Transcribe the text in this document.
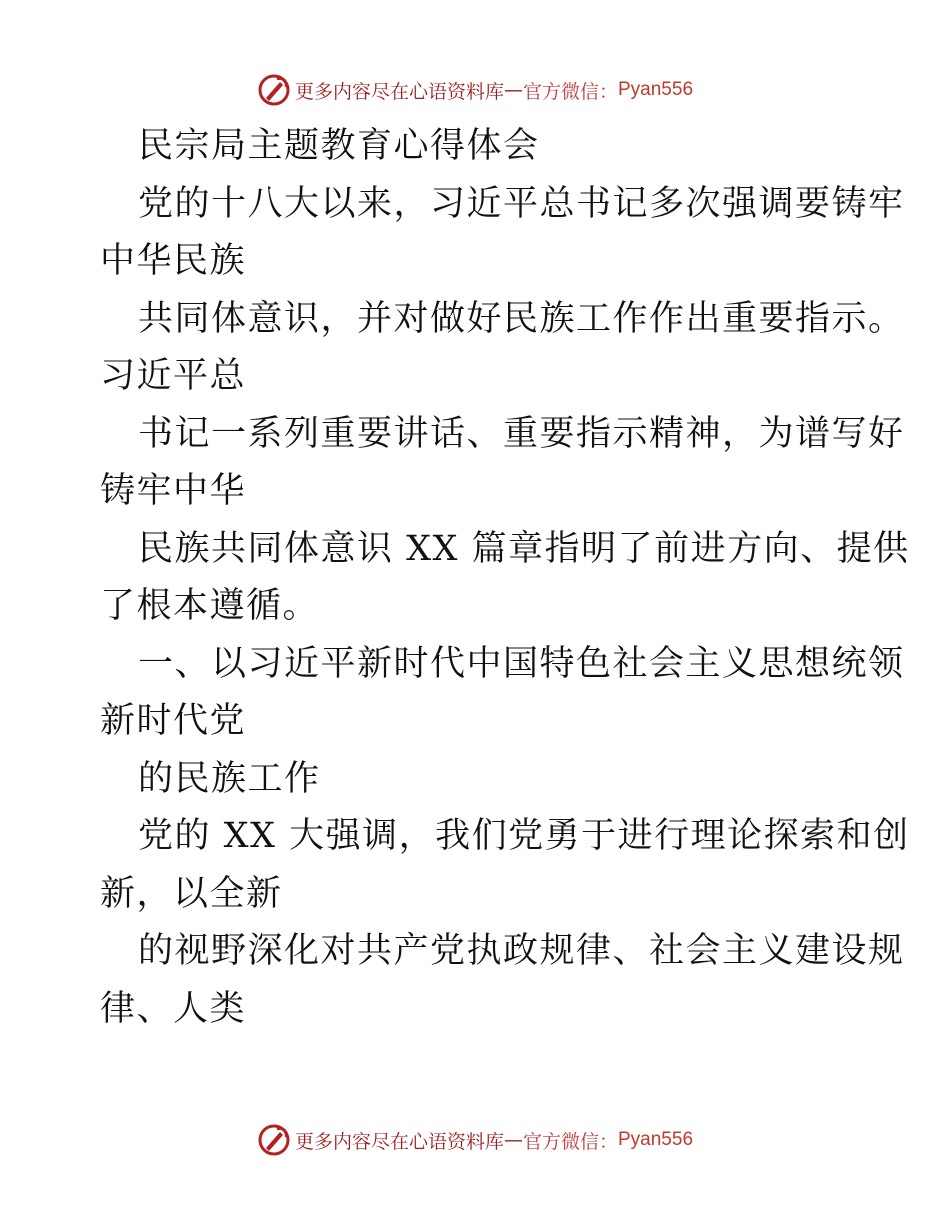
更多内容尽在心语资料库 — 官方微信： Pyan556

民宗局主题教育心得体会

党的十八大以来，习近平总书记多次强调要铸牢

中华民族

共同体意识，并对做好民族工作作出重要指示。

习近平总

书记一系列重要讲话、重要指示精神，为谱写好

铸牢中华

民族共同体意识 XX 篇章指明了前进方向、提供

了根本遵循。

一、以习近平新时代中国特色社会主义思想统领

新时代党

的民族工作

党的 XX 大强调，我们党勇于进行理论探索和创

新，以全新

的视野深化对共产党执政规律、社会主义建设规

律、人类

更多内容尽在心语资料库 — 官方微信： Pyan556
